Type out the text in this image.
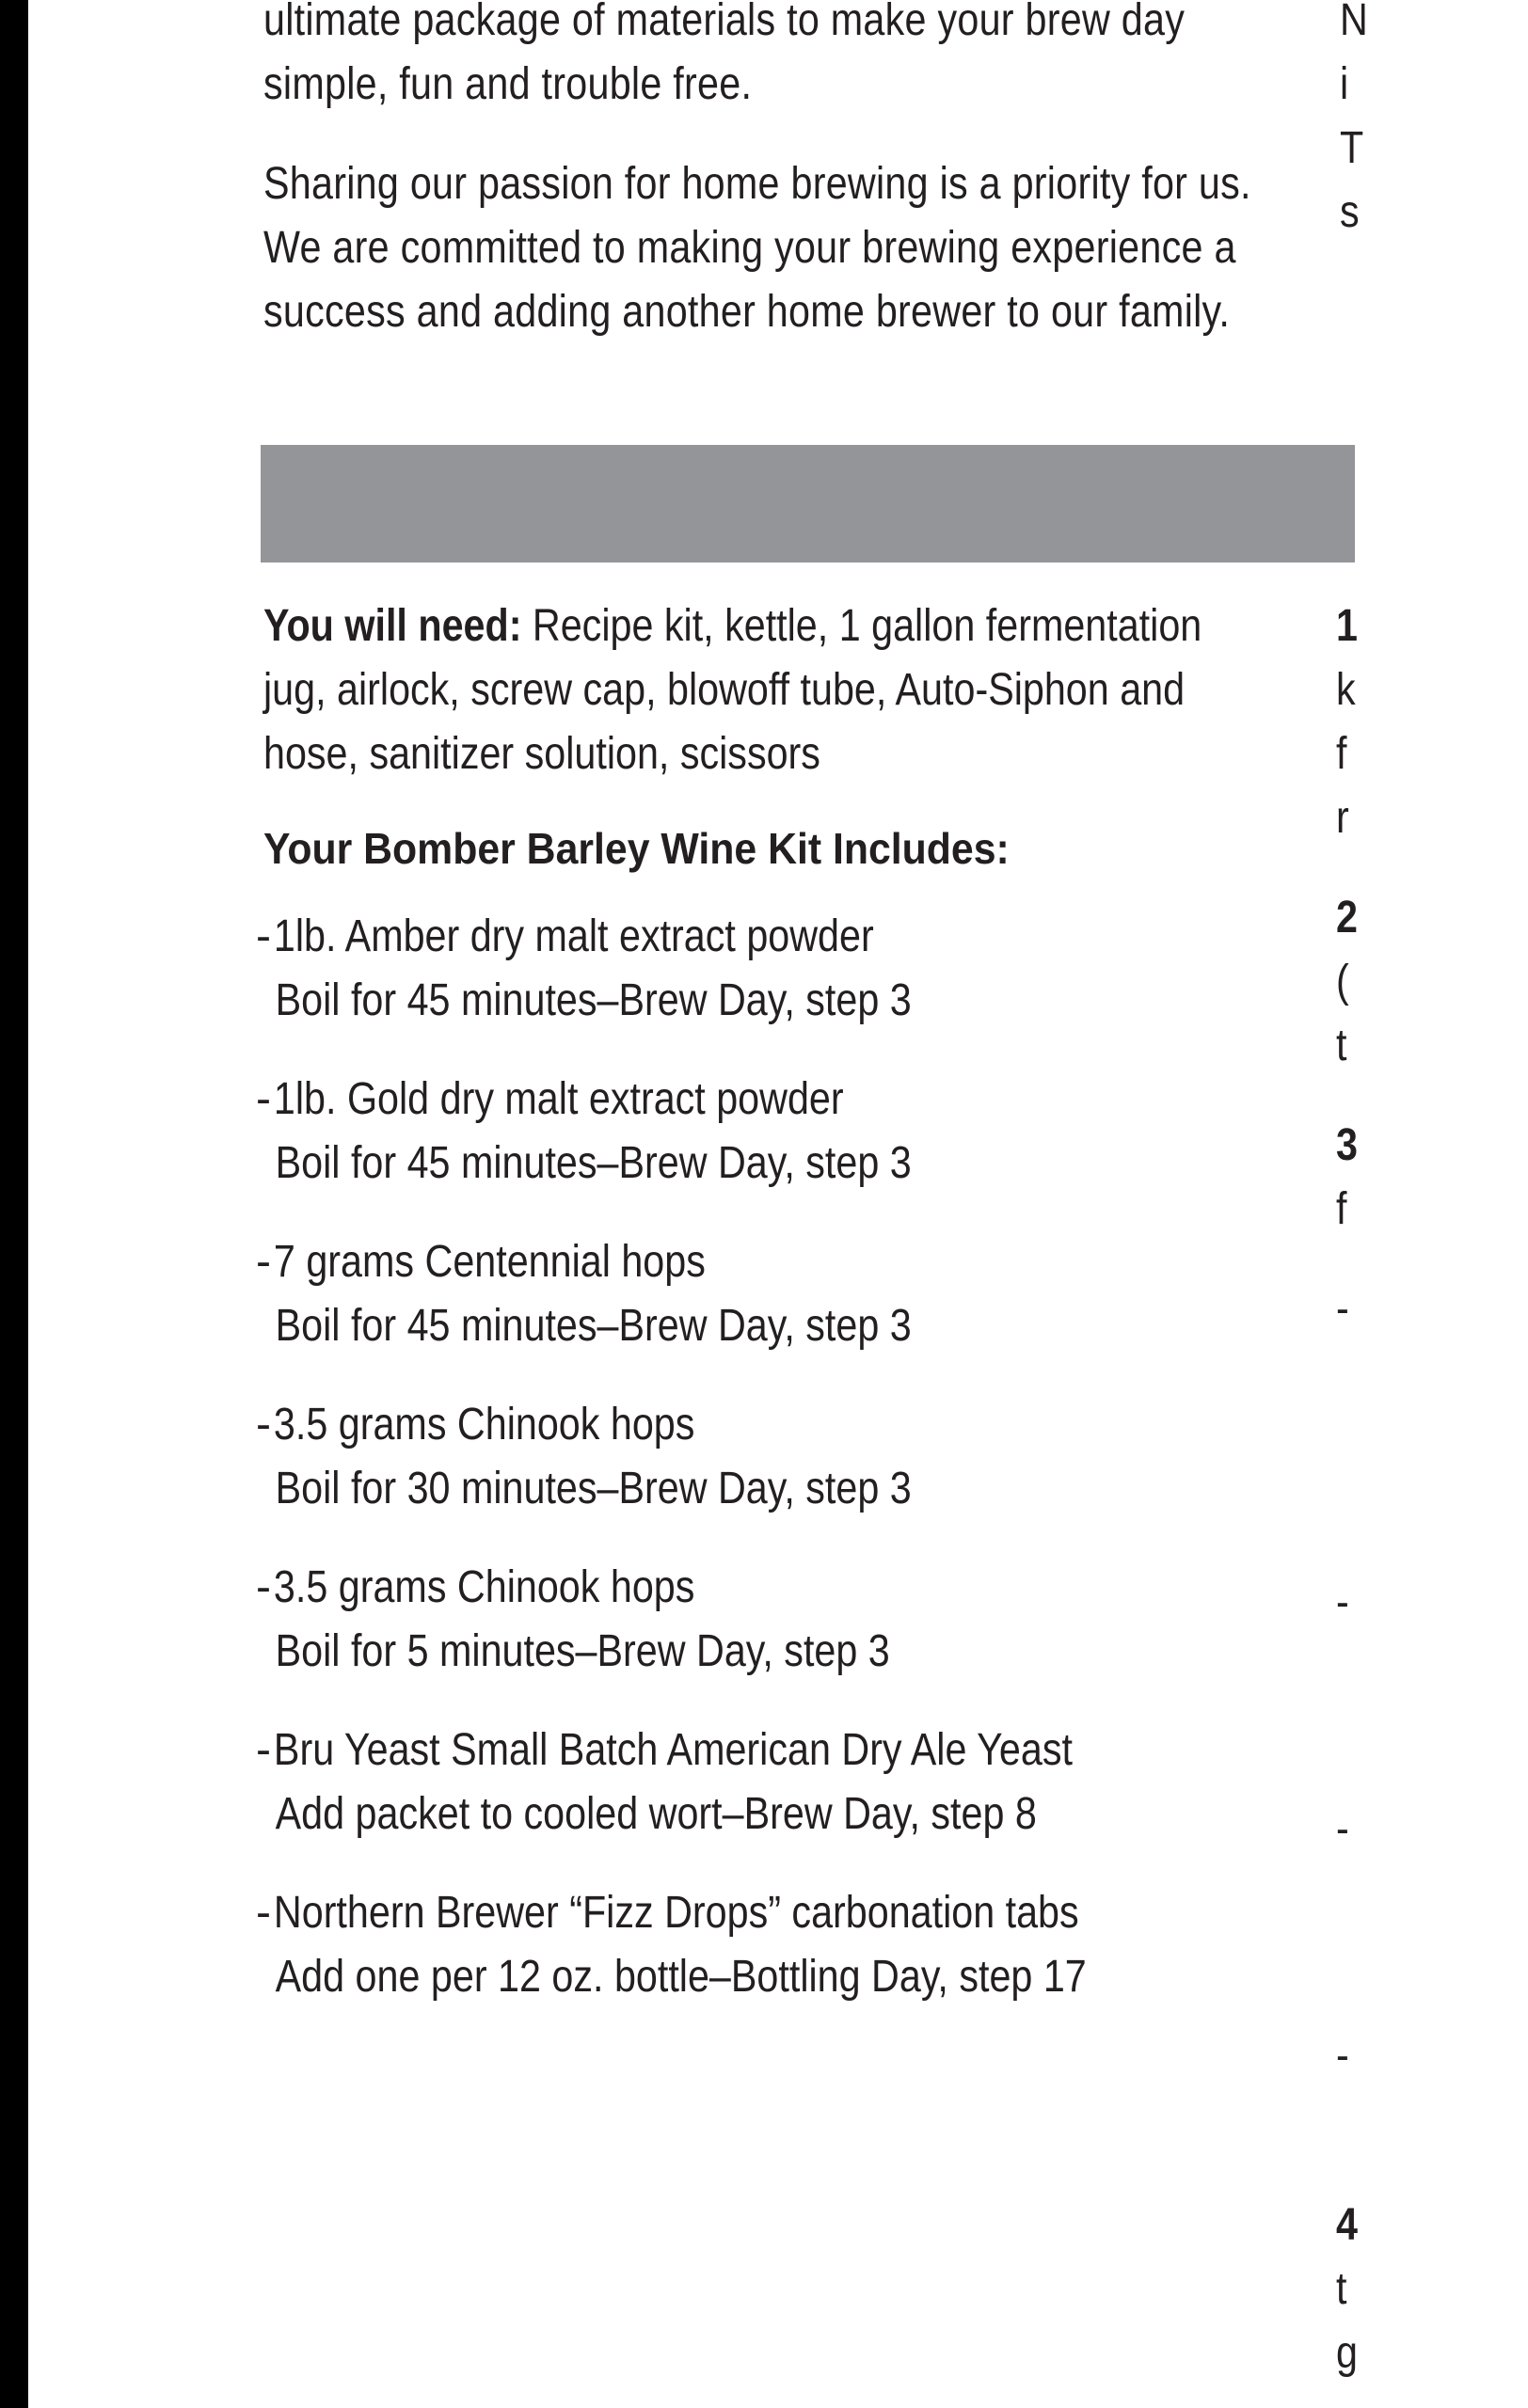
ultimate package of materials to make your brew day simple, fun and trouble free.

Sharing our passion for home brewing is a priority for us. We are committed to making your brewing experience a success and adding another home brewer to our family.

N
i
T
s

You will need: Recipe kit, kettle, 1 gallon fermentation jug, airlock, screw cap, blowoff tube, Auto-Siphon and hose, sanitizer solution, scissors

Your Bomber Barley Wine Kit Includes:
- 1lb. Amber dry malt extract powder
Boil for 45 minutes–Brew Day, step 3
- 1lb. Gold dry malt extract powder
Boil for 45 minutes–Brew Day, step 3
- 7 grams Centennial hops
Boil for 45 minutes–Brew Day, step 3
- 3.5 grams Chinook hops
Boil for 30 minutes–Brew Day, step 3
- 3.5 grams Chinook hops
Boil for 5 minutes–Brew Day, step 3
- Bru Yeast Small Batch American Dry Ale Yeast
Add packet to cooled wort–Brew Day, step 8
- Northern Brewer “Fizz Drops” carbonation tabs
Add one per 12 oz. bottle–Bottling Day, step 17
1
k
f
r
2
(
t
3
f
-
-
-
-
4
t
g
